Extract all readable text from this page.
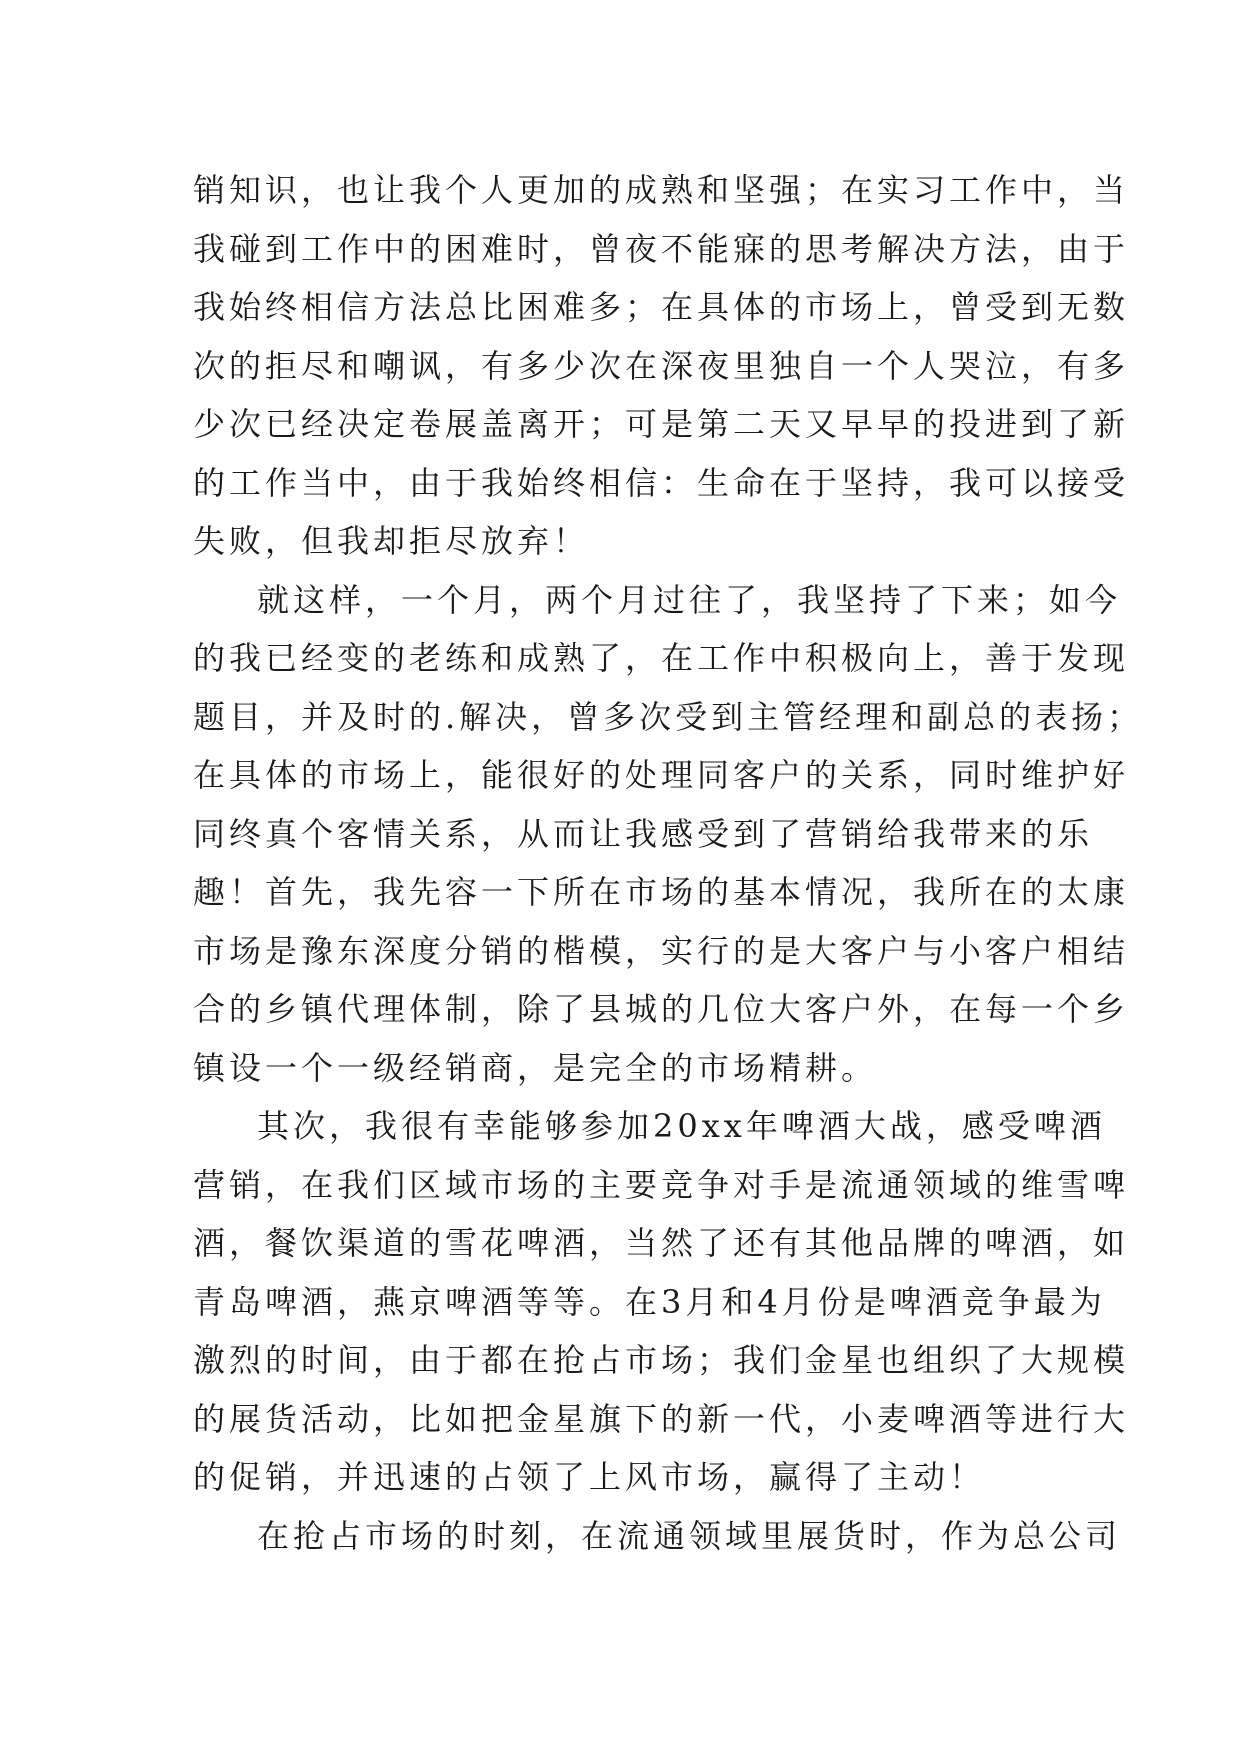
销知识，也让我个人更加的成熟和坚强；在实习工作中，当
我碰到工作中的困难时，曾夜不能寐的思考解决方法，由于
我始终相信方法总比困难多；在具体的市场上，曾受到无数
次的拒尽和嘲讽，有多少次在深夜里独自一个人哭泣，有多
少次已经决定卷展盖离开；可是第二天又早早的投进到了新
的工作当中，由于我始终相信：生命在于坚持，我可以接受
失败，但我却拒尽放弃！
就这样，一个月，两个月过往了，我坚持了下来；如今
的我已经变的老练和成熟了，在工作中积极向上，善于发现
题目，并及时的.解决，曾多次受到主管经理和副总的表扬；
在具体的市场上，能很好的处理同客户的关系，同时维护好
同终真个客情关系，从而让我感受到了营销给我带来的乐
趣！首先，我先容一下所在市场的基本情况，我所在的太康
市场是豫东深度分销的楷模，实行的是大客户与小客户相结
合的乡镇代理体制，除了县城的几位大客户外，在每一个乡
镇设一个一级经销商，是完全的市场精耕。
其次，我很有幸能够参加20xx年啤酒大战，感受啤酒
营销，在我们区域市场的主要竞争对手是流通领域的维雪啤
酒，餐饮渠道的雪花啤酒，当然了还有其他品牌的啤酒，如
青岛啤酒，燕京啤酒等等。在3月和4月份是啤酒竞争最为
激烈的时间，由于都在抢占市场；我们金星也组织了大规模
的展货活动，比如把金星旗下的新一代，小麦啤酒等进行大
的促销，并迅速的占领了上风市场，赢得了主动！
在抢占市场的时刻，在流通领域里展货时，作为总公司
